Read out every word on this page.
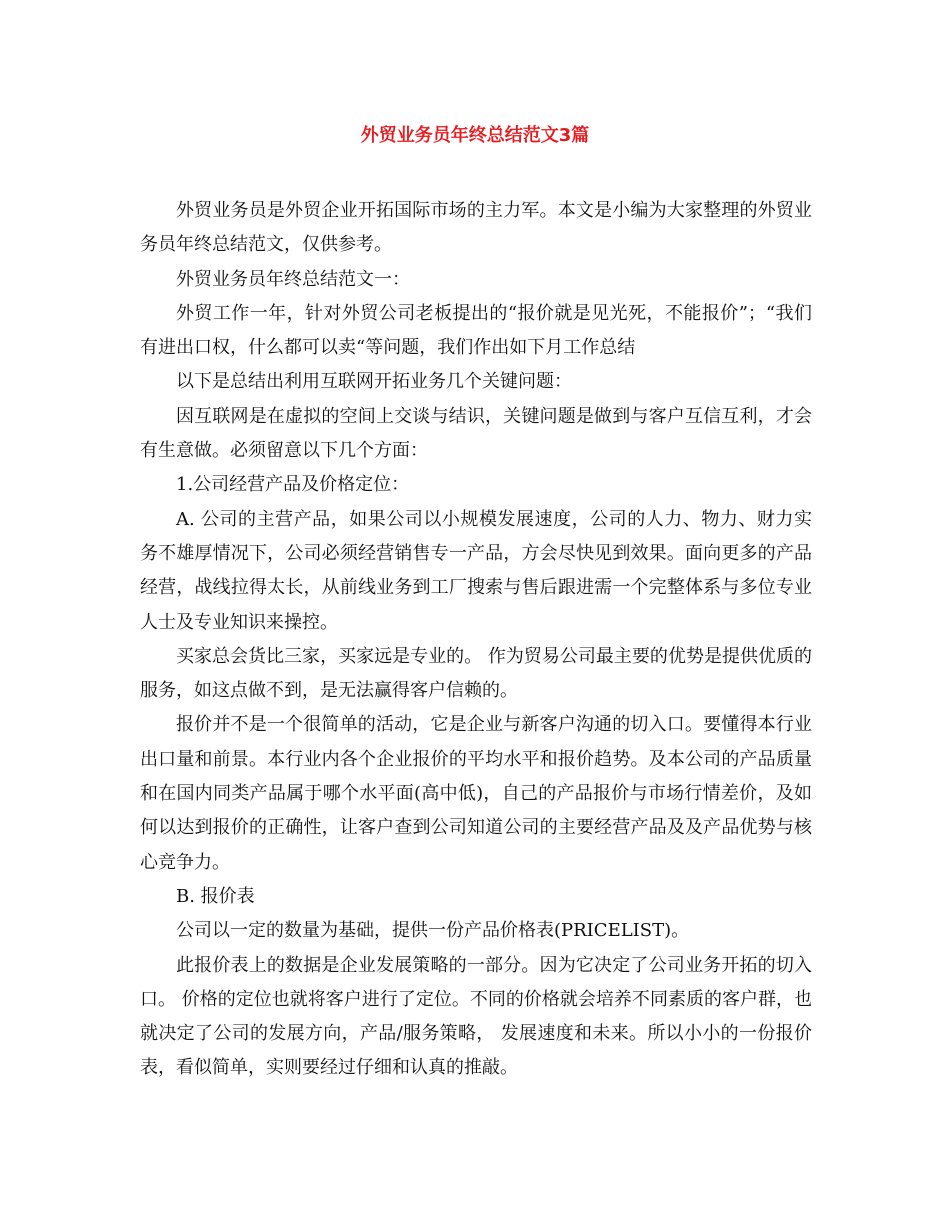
外贸业务员年终总结范文3篇

外贸业务员是外贸企业开拓国际市场的主力军。本文是小编为大家整理的外贸业务员年终总结范文，仅供参考。

外贸业务员年终总结范文一：

外贸工作一年，针对外贸公司老板提出的“报价就是见光死，不能报价”；“我们有进出口权，什么都可以卖“等问题，我们作出如下月工作总结

以下是总结出利用互联网开拓业务几个关键问题：

因互联网是在虚拟的空间上交谈与结识，关键问题是做到与客户互信互利，才会有生意做。必须留意以下几个方面：

1.公司经营产品及价格定位：

A. 公司的主营产品，如果公司以小规模发展速度，公司的人力、物力、财力实务不雄厚情况下，公司必须经营销售专一产品，方会尽快见到效果。面向更多的产品经营，战线拉得太长，从前线业务到工厂搜索与售后跟进需一个完整体系与多位专业人士及专业知识来操控。

买家总会货比三家，买家远是专业的。 作为贸易公司最主要的优势是提供优质的服务，如这点做不到，是无法赢得客户信赖的。

报价并不是一个很简单的活动，它是企业与新客户沟通的切入口。要懂得本行业出口量和前景。本行业内各个企业报价的平均水平和报价趋势。及本公司的产品质量和在国内同类产品属于哪个水平面(高中低)，自己的产品报价与市场行情差价，及如何以达到报价的正确性，让客户查到公司知道公司的主要经营产品及及产品优势与核心竞争力。

B. 报价表

公司以一定的数量为基础，提供一份产品价格表(PRICELIST)。

此报价表上的数据是企业发展策略的一部分。因为它决定了公司业务开拓的切入口。 价格的定位也就将客户进行了定位。不同的价格就会培养不同素质的客户群，也就决定了公司的发展方向，产品/服务策略， 发展速度和未来。所以小小的一份报价表，看似简单，实则要经过仔细和认真的推敲。
